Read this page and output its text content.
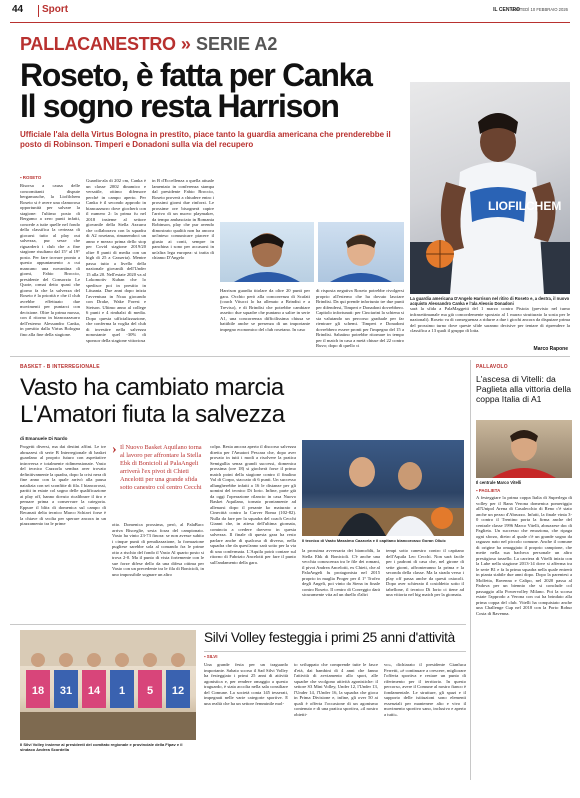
44 Sport	IL CENTRO
MARTEDÌ 10 FEBBRAIO 2026
PALLACANESTRO » SERIE A2
Roseto, è fatta per Canka
Il sogno resta Harrison
Ufficiale l'ala della Virtus Bologna in prestito, piace tanto la guardia americana che prenderebbe il posto di Robinson. Timperi e Donadoni sulla via del recupero
LIOFILCHEM
La guardia americana D'Angelo Harrison nel ritiro di Roseto e, a destra, il nuovo acquisto Alessandro Canka e l'ala Alessio Donadoni
▪ ROSETO
Risorsa a causa delle concomitanti dispute bergamasche, la Liofilchem Roseto si è avere una clamorosa opportunità per salvare la stagione: l'ultimo posto di Bergamo a zero punti infatti, concede a tutte quelle nel fondo della classifica la certezza di giocarsi tutto al play out salvezza, pur sesse che riguarderà i club che a fine stagione risultano dal 15° al 19° posto. Per fare trovare pronto a questo appuntamento a cui mancano una novantina di giorni, Fabio Broccio, presidente del Consorzio Le Quote, ormai detto quasi che giorno fa che la salvezza del Roseto è la priorità e che il club avrebbe effettuato due movimenti per puntarci con decisione. Oltre la prima mossa, con il ritorno in biancoazzurro dell'esterno Alessandro Canka, in prestito dalla Virtus Bologna fino alla fine della stagione.
Guardia-ala di 202 cm, Canka è un classe 2002 dinamico e versatile, ottimo difensore perché in campo aperto. Per Canka è il secondo approdo in biancazzurro dove giocherà con il numero 2: la prima fu nel 2018 insieme al settore giovanile della Stella Azzurra che collaborava con la squadra di A2 rosetana, rimanendoci un anno e mezzo prima dello stop per Covid stagione 2019/20 oltre 8 punti di media con un high di 25 a Casserta). Mentre passa tutto a livello della nazionale giovanili dell'Under 15 alla 20. Nell'estate 2020 va al Lokomotiv Kuban che lo spedisce poi in prestito in Lituania. Due anni dopo inizia l'avventura in Ncaa giocando con Drake, Wake Forest e Stetson. Ultimo anno al college 6 punti e 4 rimbalzi di media. Dopo questa ufficializzazione, che conferma la voglia del club di investire nella salvezza nonostante quel -30% di sponsor della stagione vittoriosa
in B d'Eccellenza a quella attuale lamentato in conferenza stampa dal presidente Fabio Broccio, Roseto proverà a chiudere entro i prossimi giorni due rinforzi. Le prossime ore bisognerà capire l'arrivo di un nuovo playmaker, da tempo ambasciato in Romania Robinson, play che pur avendo dimostrato qualità non ha ancora un'inteso comunicare piacere il giusto ai conti, sempre in panchina i sono per accasarsi in un'altra lega europea: si tratta di chiamo D'Angelo
Harrison guardia titolare da oltre 20 punti per gara. Occhio però alla concorrenza di Scafati (coach Vitucci lo ha allenato a Brindisi e a Treviso), e di Brindisi che potrebbe cambiare assetto: due squadre che puntano a salire in serie A1, una concorrenza difficilissima chiusa se battibile anche se presenza di un importante impegno economico del club rosetano. In caso
di risposta negativa Roseto potrebbe rivolgersi proprio all'esterno che ha dovuto lasciare Brindisi. Da qui prende infortunio tre due punti per difendersi, Timperi e Donadoni dovrebbero. Capitolo infortunati: per Cinciarini la schiena si sta valutando un percorso graduale per far rientrare gli schemi. Timperi e Donadoni dovrebbero essere pronti per l'impegno del 15 a Brindisi. Sabatino potrebbe ritornare in tempo per il match in casa a metà chiuse del 22 contro Ruvo; dopo di quello ci
sarà la sfida a PalaMaggetti del 1 marzo contro Pistoia (previsto nel turno infrasettimanale ma già concordemente spostato al 1 marzo strutturato la sosta per le nazionali). Roseto va di conseguenza a ridurre a due i giochi ancora da disputare prima del prossimo turno dove queste sfide saranno decisive per tentare di riprendere la classifica a 13 quali il gruppo di lotta.
Marco Rapone
BASKET - B INTERREGIONALE
Vasto ha cambiato marcia
L'Amatori fiuta la salvezza
di Emanuele Di Nardo
Progetti diversi, ma dai destini affini. Le tre abruzzesi di serie B Interregionale di basket guardano al proprio futuro con aspettative introversa e totalmente ridimensionate. Vasto del tecnico Cazzorla sembra aver trovato definitivamente la quadra, dopo la crisi nera di fine anno con la quale arrivò alla pausa natalizia con sei sconfitte di fila. I biancorossi, partiti in estate col sogno delle qualificazione ai play off, hanno dovuto ricalibrare il tiro e pensare prima a conservare la categoria. Eppure il blitz di domenica sul campo di Recanati delta tecnico Marco Schiavi forse è la chiave di svolta per sperare ancora in un piazzamento tra le prime
› Il Nuovo Basket Aquilano torna al lavoro per affrontare la Stella Ebk di Bonicioli al PalaAngeli arriverà l'ex pivot di Chieti Ancelotti per una grande sfida sotto canestro col centro Cecchi
otto. Domenica prossima, però, al PalaBacc arriva Bisceglie, sesta forza del campionato. Vasto ha vinto 23-73 finora: se non avesse subito i cinque punti di penalizzazione, la formazione pugliese sarebbe sola al comando fra le prime otto a rischio del fondo il Vasto Al quarto posto si trova 2-0. Ma il punto di vista fortemente con le sue forze difese dello da una difesa ottima per Vasto con un precedente tra le fila di Bonicioli, in uno impossibile sognare un altro
colpo. Resta ancora aperto il discorso salvezza diretta per l'Amatori Pescara che, dopo aver provato in tutti i modi a risolvere la pratica Semigallia senza grandi successi, domenica prossima (ore 18) si giocherà forse il primo match point della stagione contro il finalino Val di Corpo, staccato di 6 punti. Un successo allungherebbe infatti a 16 le distanze per gli uomini del tecnico Di Iorio. Infine, parte già da oggi l'operazione rilancio in casa Nuovo Basket Aquilano, tornato prontamente ad allenarsi dopo il pesante ko maturato a Cinecittà contro la Carver Roma (102-82). Nulla da fare per la squadra del coach Cecchi Gianni che, in attesa dell'ultima giornata, comincia a credere davvero in questa salvezza. Il finale di questa gara ha resto parlare anche di qualcosa di diverso, nella squadra che da quest'anno sarà sotto per la via di una confermata. L'Aquila potrà contare sul ritorno di Fabrizio Ancelotti per fare il punto sull'andamento della gara.
Il tecnico di Vasto Massimo Cazzorla e il capitano biancorosso Goran Oliuic
la prossima avversaria dei biancoblù, la Stella Ebk di Bonicioli. C'è anche una vecchia conoscenza tra le file dei romani, il pivot Andrea Ancelotti, ex Chieti, che al PalaAngeli fu protagonista nel 2015 proprio in maglia Proger per il 1° Trofeo degli Angeli, poi vinto da Siena in finale contro Roseto. Il centro di Correggio darà sicuramente vita ad un duello d'altri
tempi sotto canestro contro il capitano dell'Aquila Leo Cecchi. Non sarà facile per i padroni di casa che, nel girone di sette giorni, affronteranno la prima e la seconda della classe. Ma la strada verso i play off passa anche da questi ostacoli. Dopo aver schierato il cosiddetto sotto il tabellone, il tecnico Di Iorio ci tiene ad una vittoria nel big match per la giornata.
PALLAVOLO
L'ascesa di Vitelli: da Paglieta alla vittoria della coppa Italia di A1
Il centrale Marco Vitelli
▪ PAGLIETA
A festeggiare la prima coppa Italia di Superlega di volley per il Rana Verona domenica pomeriggio all'Unipol Arena di Casalecchio di Reno c'è stato anche un pezzo d'Abruzzo. Infatti, la finale vinta 3-0 contro il Trentino porta la firma anche del centrale classe 1996 Marco Vitelli, abruzzese doc di Paglieta. Un successo che emoziona, che ripaga ogni sforzo, dietro al quale c'è un grande sogno da ragazzo nato nel piccolo comune. Anche il comune di origine ha omaggiato il proprio campione, che mette nella sua bacheca personale un altro prestigioso tassello. La carriera di Vitelli inizia con la Lube nella stagione 2013-14 dove si afferma tra le serie B1 e fa la prima squadra nella quale entrerà in pianta stabile due anni dopo. Dopo la parentesi a Molfetta, Ravenna e Calipo, nel 2020 passa al Padova per un biennio che si conclude col passaggio alla Powervolley Milano. Poi la scorsa estate l'approdo a Verona con cui ha brindato alla prima coppa del club. Vitelli ha conquistato anche una Challenge Cup nel 2018 con la Porto Robur Costa di Ravenna.
18 31 14 1 5 12
Il Silvi Volley insieme ai presidenti del comitato regionale e provinciale della Fipav e il sindaco Andrea Scordella
Silvi Volley festeggia i primi 25 anni d'attività
▪ SILVI
Una grande festa per un traguardo importante. Sabato scorso il Sad Silvi Volley ha festeggiato i primi 25 anni di attività agonistica e, per rendere omaggio a questo traguardo, è stata accolta nella sala consiliare del Comune. La società conta 145 tesserati, impegnati nelle varie categorie sportive. E una realtà che ha un settore femminile mol-
to sviluppato che comprende tutte le fasce d'età, dai bambini di 4 anni che fanno l'attività di avviamento allo sport, alle squadre che svolgono attività agonistiche: il settore S3 Mini Volley, Under 12, l'Under 13, l'Under 14, l'Under 16, la squadra che gioca in Prima Divisione e, infine, gli over 50 ai quali è offerta l'occasione di un agonismo contenuto e di una pratica sportiva, «il nostro obietti-
vo», dichiarato il presidente Gianluca Ferretti, «è continuare a crescere, migliorare l'offerta sportiva e restare un punto di riferimento per il territorio. In questo percorso, avere il Comune al nostro fianco è fondamentale. Le strutture, gli spazi e il supporto delle istituzioni sono elementi essenziali per mantenere alto e vivo il movimento sportivo sano, inclusivo e aperto a tutti».
